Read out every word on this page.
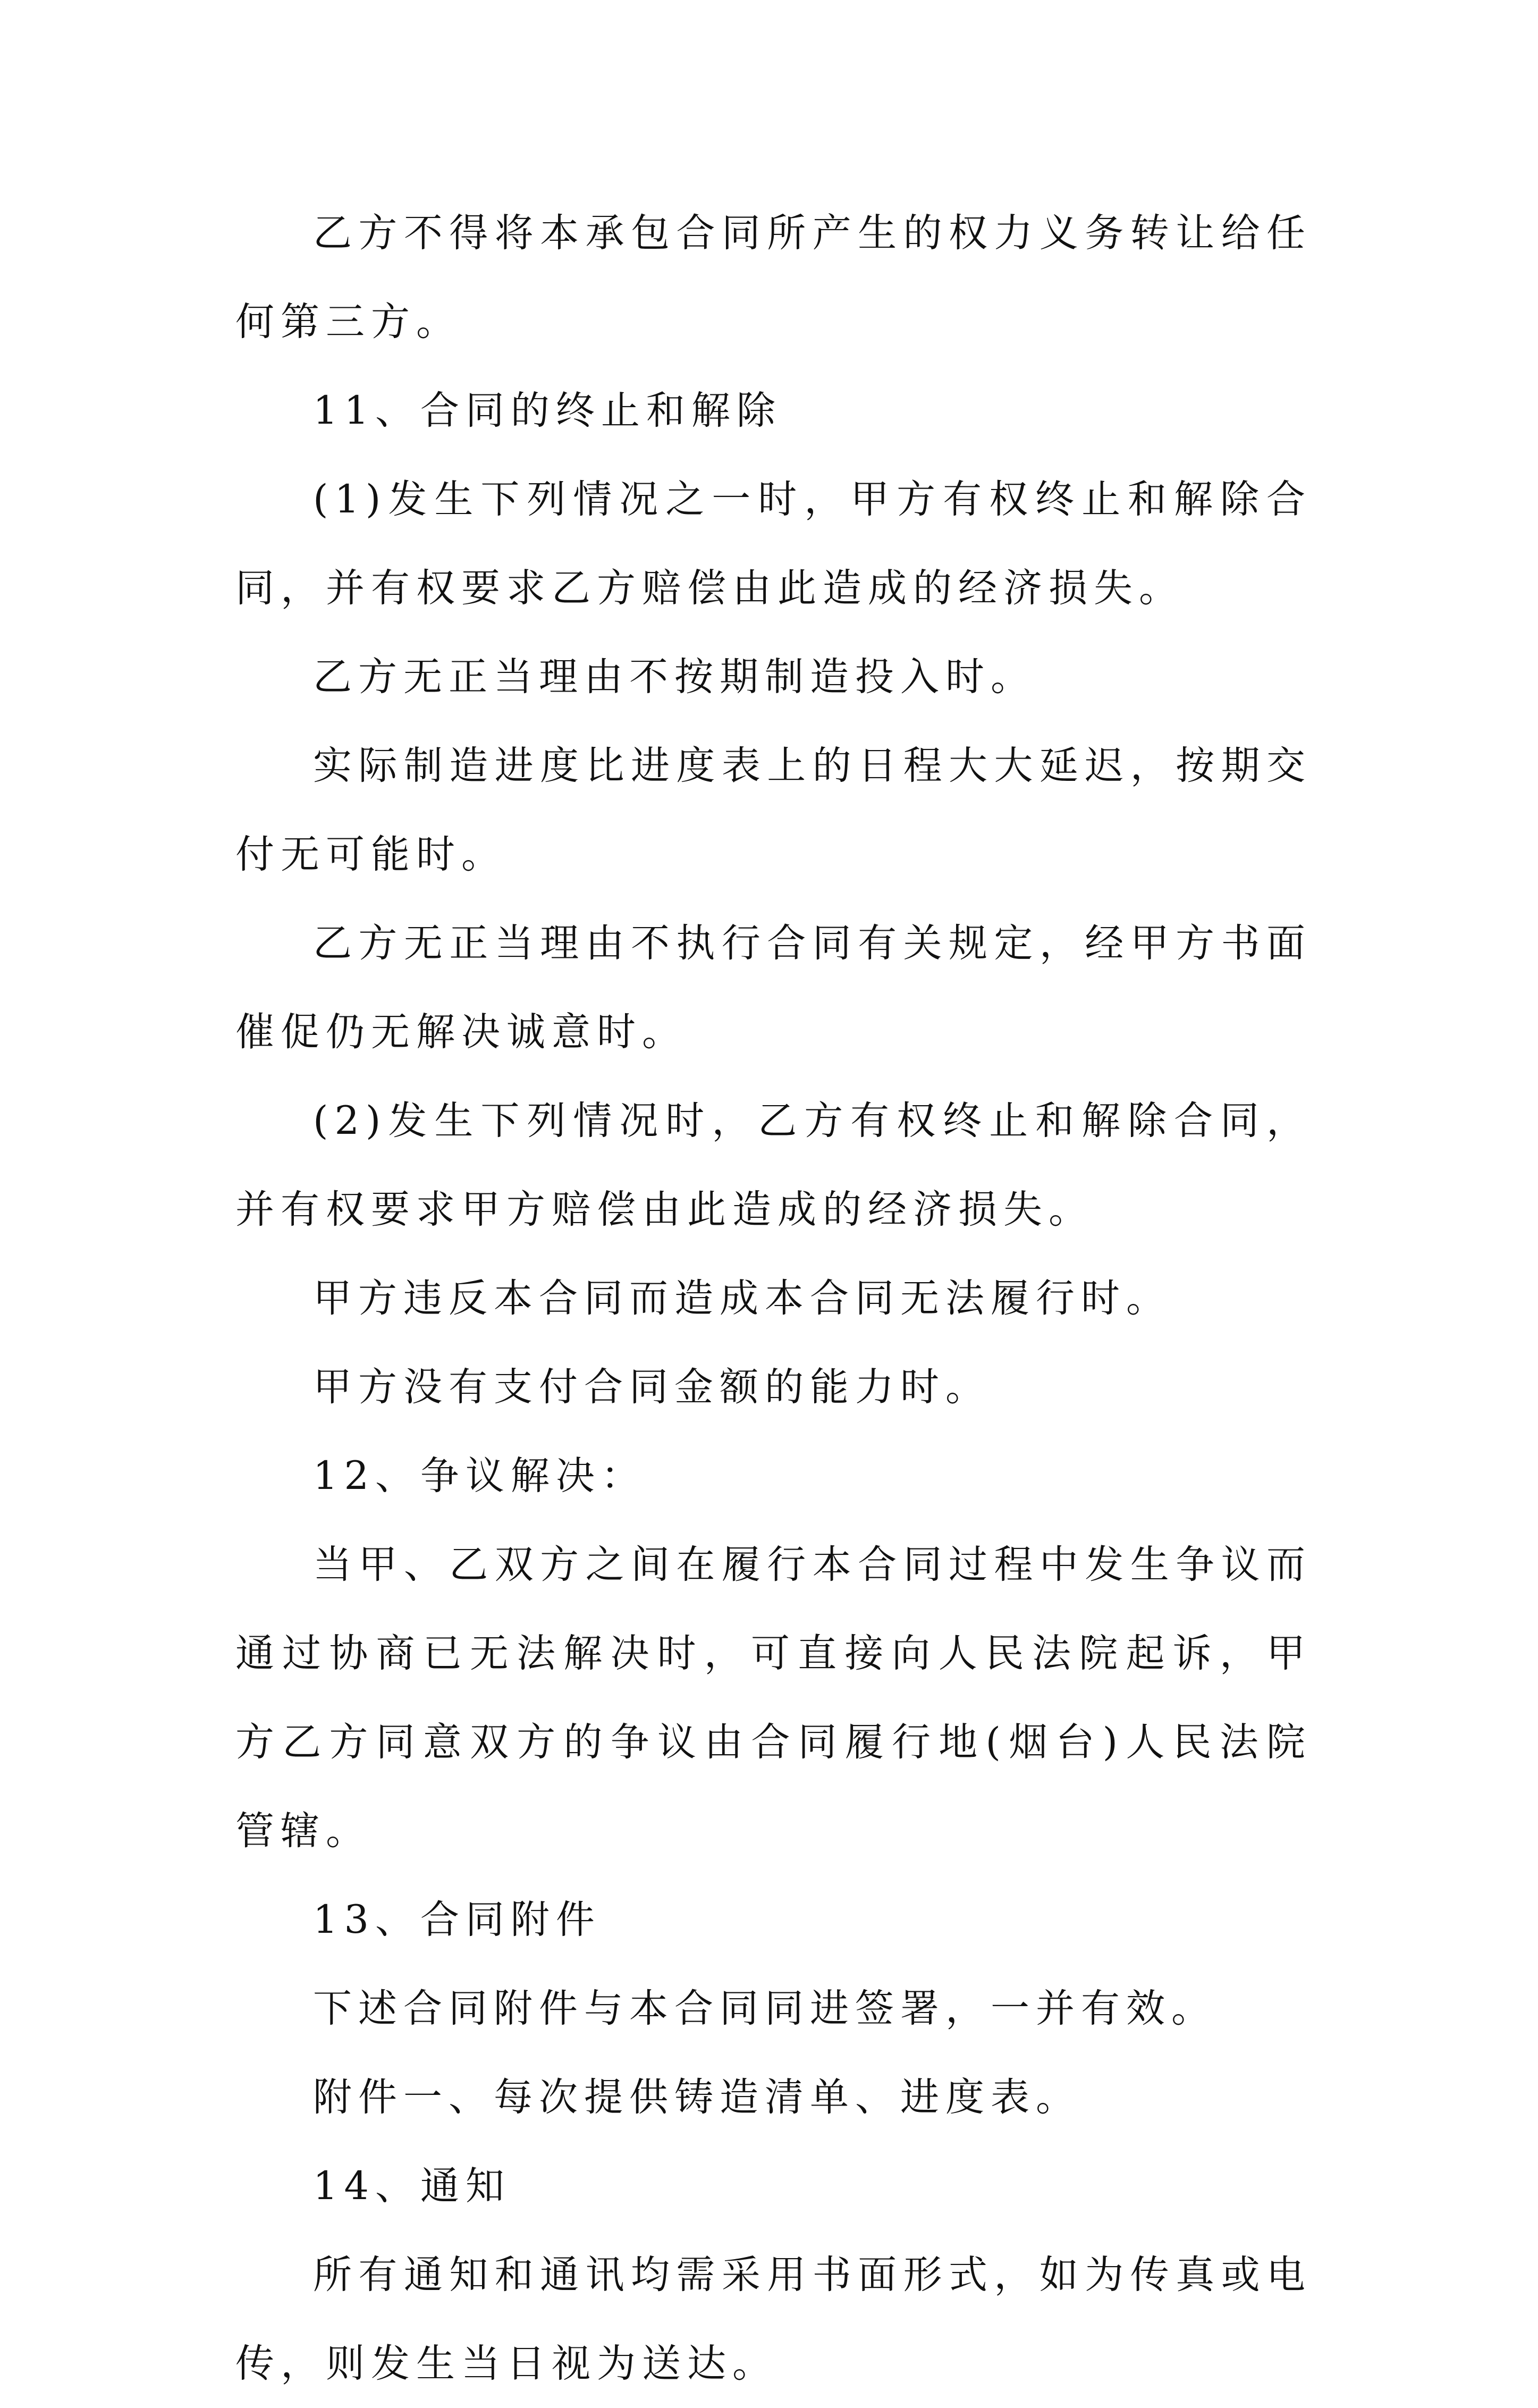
乙方不得将本承包合同所产生的权力义务转让给任何第三方。

11、合同的终止和解除

(1)发生下列情况之一时，甲方有权终止和解除合同，并有权要求乙方赔偿由此造成的经济损失。

乙方无正当理由不按期制造投入时。

实际制造进度比进度表上的日程大大延迟，按期交付无可能时。

乙方无正当理由不执行合同有关规定，经甲方书面催促仍无解决诚意时。

(2)发生下列情况时，乙方有权终止和解除合同，并有权要求甲方赔偿由此造成的经济损失。

甲方违反本合同而造成本合同无法履行时。

甲方没有支付合同金额的能力时。

12、争议解决：

当甲、乙双方之间在履行本合同过程中发生争议而通过协商已无法解决时，可直接向人民法院起诉，甲方乙方同意双方的争议由合同履行地(烟台)人民法院管辖。

13、合同附件

下述合同附件与本合同同进签署，一并有效。

附件一、每次提供铸造清单、进度表。

14、通知

所有通知和通讯均需采用书面形式，如为传真或电传，则发生当日视为送达。
